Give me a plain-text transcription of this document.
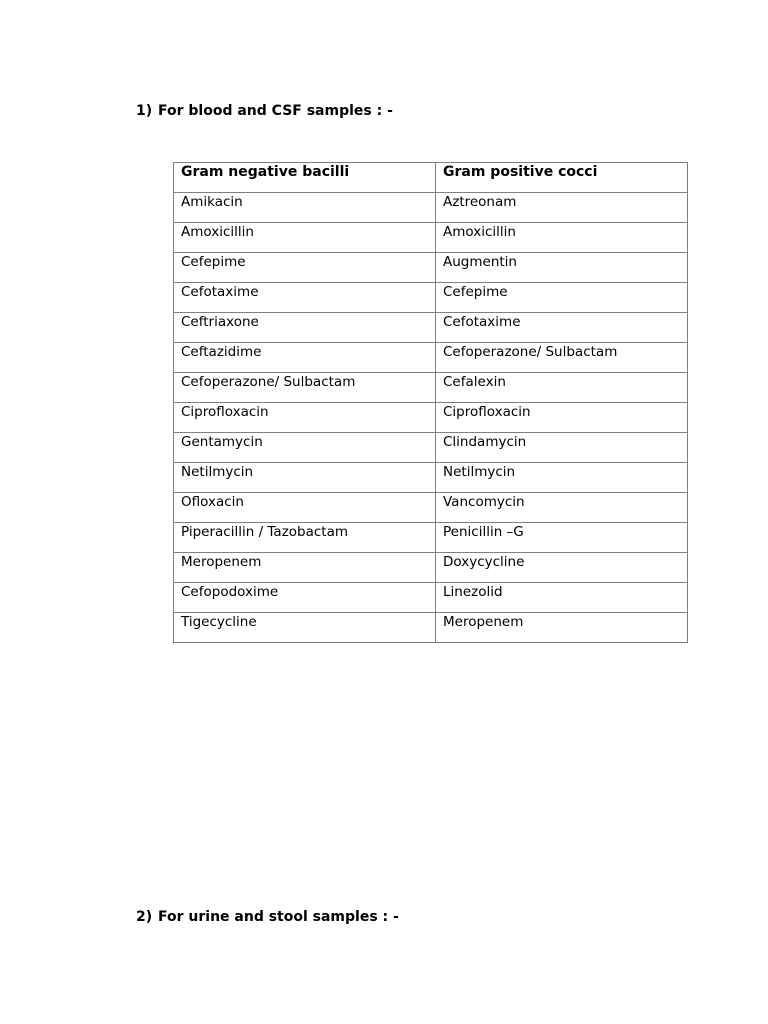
1) For blood and CSF samples : -
Gram negative bacilli	Gram positive cocci
Amikacin	Aztreonam
Amoxicillin	Amoxicillin
Cefepime	Augmentin
Cefotaxime	Cefepime
Ceftriaxone	Cefotaxime
Ceftazidime	Cefoperazone/ Sulbactam
Cefoperazone/ Sulbactam	Cefalexin
Ciprofloxacin	Ciprofloxacin
Gentamycin	Clindamycin
Netilmycin	Netilmycin
Ofloxacin	Vancomycin
Piperacillin / Tazobactam	Penicillin –G
Meropenem	Doxycycline
Cefopodoxime	Linezolid
Tigecycline	Meropenem
2) For urine and stool samples : -
